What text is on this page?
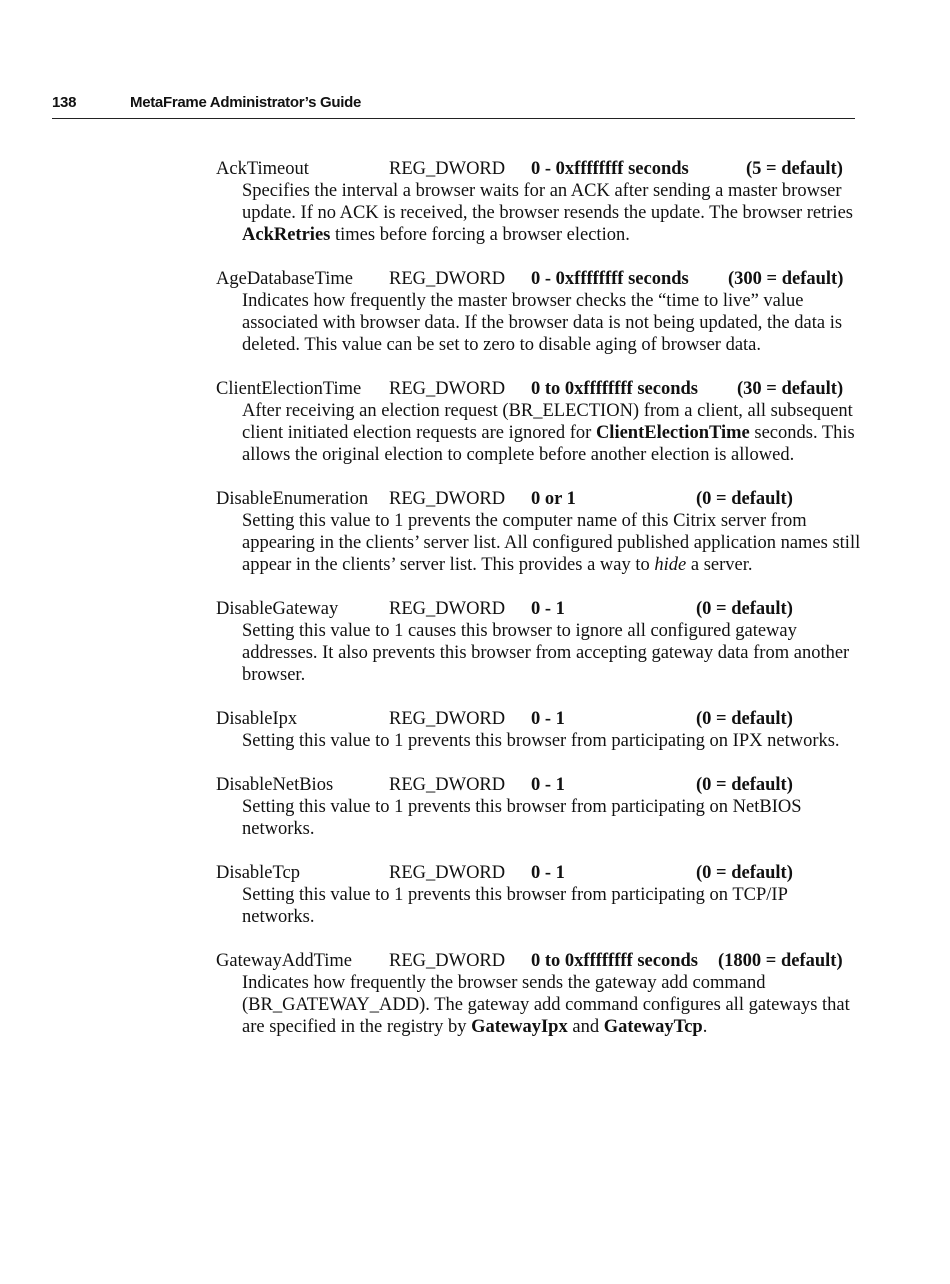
138	MetaFrame Administrator’s Guide
AckTimeout	REG_DWORD 0 - 0xffffffff seconds	(5 = default)
Specifies the interval a browser waits for an ACK after sending a master browser update. If no ACK is received, the browser resends the update. The browser retries AckRetries times before forcing a browser election.
AgeDatabaseTime REG_DWORD 0 - 0xffffffff seconds (300 = default)
Indicates how frequently the master browser checks the “time to live” value associated with browser data. If the browser data is not being updated, the data is deleted. This value can be set to zero to disable aging of browser data.
ClientElectionTime REG_DWORD 0 to 0xffffffff seconds (30 = default)
After receiving an election request (BR_ELECTION) from a client, all subsequent client initiated election requests are ignored for ClientElectionTime seconds. This allows the original election to complete before another election is allowed.
DisableEnumeration REG_DWORD 0 or 1	(0 = default)
Setting this value to 1 prevents the computer name of this Citrix server from appearing in the clients’ server list. All configured published application names still appear in the clients’ server list. This provides a way to hide a server.
DisableGateway	REG_DWORD 0 - 1	(0 = default)
Setting this value to 1 causes this browser to ignore all configured gateway addresses. It also prevents this browser from accepting gateway data from another browser.
DisableIpx	REG_DWORD 0 - 1	(0 = default)
Setting this value to 1 prevents this browser from participating on IPX networks.
DisableNetBios	REG_DWORD 0 - 1	(0 = default)
Setting this value to 1 prevents this browser from participating on NetBIOS networks.
DisableTcp	REG_DWORD 0 - 1	(0 = default)
Setting this value to 1 prevents this browser from participating on TCP/IP networks.
GatewayAddTime REG_DWORD 0 to 0xffffffff seconds (1800 = default)
Indicates how frequently the browser sends the gateway add command (BR_GATEWAY_ADD). The gateway add command configures all gateways that are specified in the registry by GatewayIpx and GatewayTcp.
